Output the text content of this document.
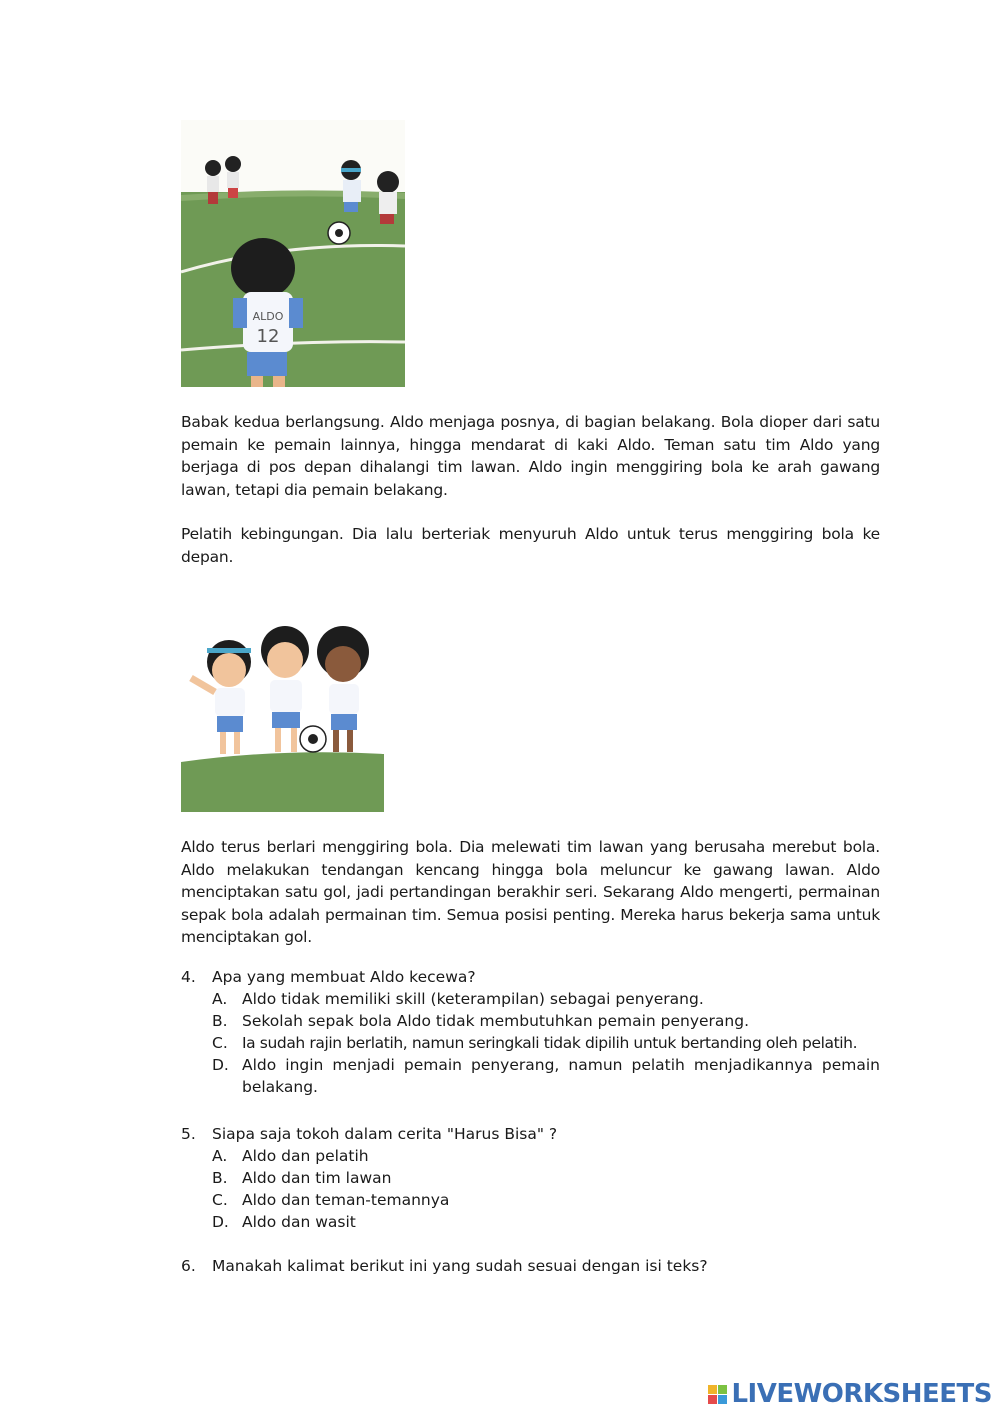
ALDO
12

Babak kedua berlangsung. Aldo menjaga posnya, di bagian belakang. Bola dioper dari satu pemain ke pemain lainnya, hingga mendarat di kaki Aldo. Teman satu tim Aldo yang berjaga di pos depan dihalangi tim lawan. Aldo ingin menggiring bola ke arah gawang lawan, tetapi dia pemain belakang.

Pelatih kebingungan. Dia lalu berteriak menyuruh Aldo untuk terus menggiring bola ke depan.

Aldo terus berlari menggiring bola. Dia melewati tim lawan yang berusaha merebut bola. Aldo melakukan tendangan kencang hingga bola meluncur ke gawang lawan. Aldo menciptakan satu gol, jadi pertandingan berakhir seri. Sekarang Aldo mengerti, permainan sepak bola adalah permainan tim. Semua posisi penting. Mereka harus bekerja sama untuk menciptakan gol.

4.	Apa yang membuat Aldo kecewa?
A. Aldo tidak memiliki skill (keterampilan) sebagai penyerang.
B. Sekolah sepak bola Aldo tidak membutuhkan pemain penyerang.
C. Ia sudah rajin berlatih, namun seringkali tidak dipilih untuk bertanding oleh pelatih.
D. Aldo ingin menjadi pemain penyerang, namun pelatih menjadikannya pemain belakang.
5.	Siapa saja tokoh dalam cerita "Harus Bisa" ?
A. Aldo dan pelatih
B. Aldo dan tim lawan
C. Aldo dan teman-temannya
D. Aldo dan wasit
6.	Manakah kalimat berikut ini yang sudah sesuai dengan isi teks?
LIVEWORKSHEETS
